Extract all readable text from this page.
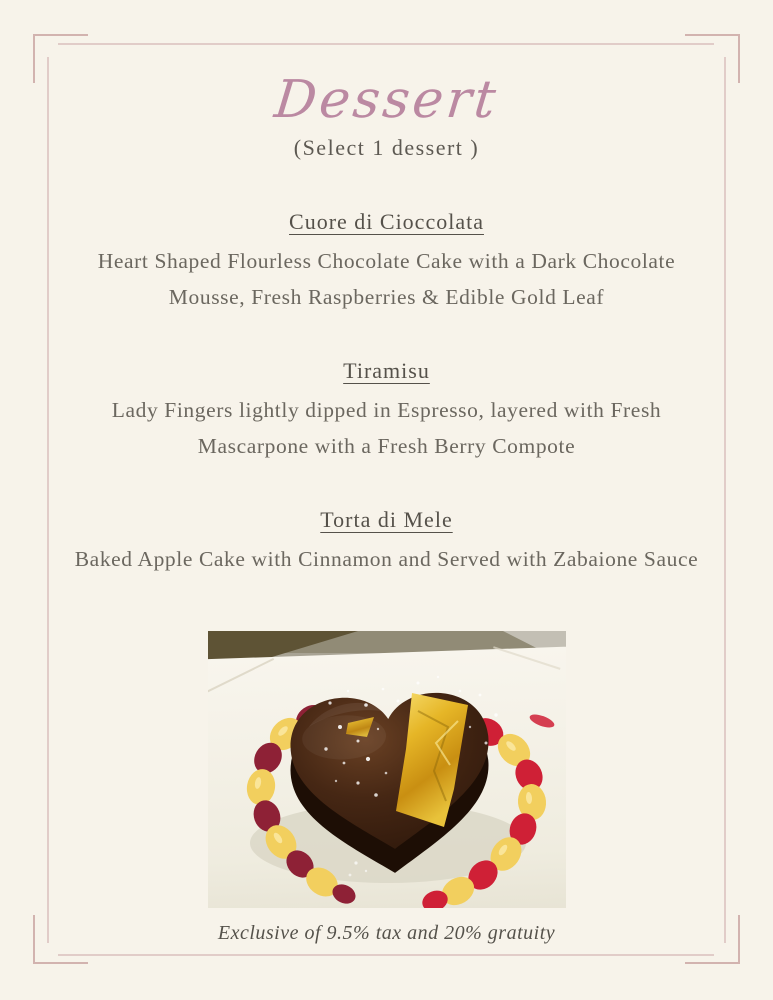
Dessert

(Select 1 dessert )

Cuore di Cioccolata
Heart Shaped Flourless Chocolate Cake with a Dark Chocolate Mousse, Fresh Raspberries & Edible Gold Leaf
Tiramisu
Lady Fingers lightly dipped in Espresso, layered with Fresh Mascarpone with a Fresh Berry Compote
Torta di Mele
Baked Apple Cake with Cinnamon and Served with Zabaione Sauce

Exclusive of 9.5% tax and 20% gratuity
